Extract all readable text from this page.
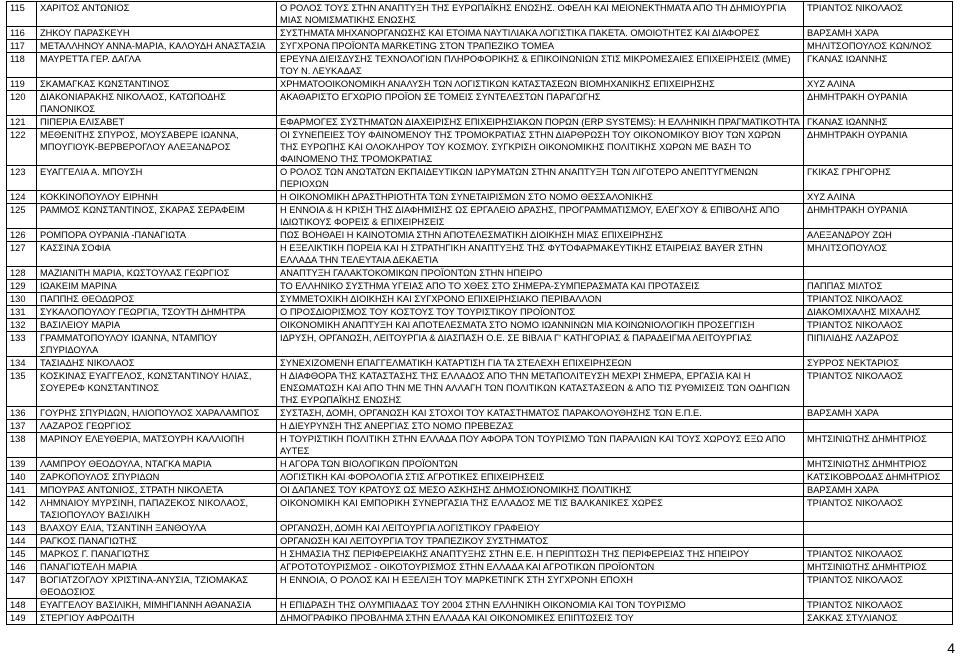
115	ΧΑΡΙΤΟΣ ΑΝΤΩΝΙΟΣ	Ο ΡΟΛΟΣ ΤΟΥΣ ΣΤΗΝ ΑΝΑΠΤΥΞΗ ΤΗΣ ΕΥΡΩΠΑΪΚΗΣ ΕΝΩΣΗΣ. ΟΦΕΛΗ ΚΑΙ ΜΕΙΟΝΕΚΤΗΜΑΤΑ ΑΠΟ ΤΗ ΔΗΜΙΟΥΡΓΙΑ ΜΙΑΣ ΝΟΜΙΣΜΑΤΙΚΗΣ ΕΝΩΣΗΣ	ΤΡΙΑΝΤΟΣ ΝΙΚΟΛΑΟΣ
116	ΖΗΚΟΥ ΠΑΡΑΣΚΕΥΗ	ΣΥΣΤΗΜΑΤΑ ΜΗΧΑΝΟΡΓΑΝΩΣΗΣ ΚΑΙ ΕΤΟΙΜΑ ΝΑΥΤΙΛΙΑΚΑ ΛΟΓΙΣΤΙΚΑ ΠΑΚΕΤΑ. ΟΜΟΙΟΤΗΤΕΣ ΚΑΙ ΔΙΑΦΟΡΕΣ	ΒΑΡΣΑΜΗ ΧΑΡΑ
117	ΜΕΤΑΛΛΗΝΟΥ ΑΝΝΑ-ΜΑΡΙΑ, ΚΑΛΟΥΔΗ ΑΝΑΣΤΑΣΙΑ	ΣΥΓΧΡΟΝΑ ΠΡΟΪΟΝΤΑ MARKETING ΣΤΟΝ ΤΡΑΠΕΖΙΚΟ ΤΟΜΕΑ	ΜΗΛΙΤΣΟΠΟΥΛΟΣ ΚΩΝ/ΝΟΣ
118	ΜΑΥΡΕΤΤΑ ΓΕΡ. ΔΑΓΛΑ	ΕΡΕΥΝΑ ΔΙΕΙΣΔΥΣΗΣ ΤΕΧΝΟΛΟΓΙΩΝ ΠΛΗΡΟΦΟΡΙΚΗΣ & ΕΠΙΚΟΙΝΩΝΙΩΝ ΣΤΙΣ ΜΙΚΡΟΜΕΣΑΙΕΣ ΕΠΙΧΕΙΡΗΣΕΙΣ (ΜΜΕ) ΤΟΥ Ν. ΛΕΥΚΑΔΑΣ	ΓΚΑΝΑΣ ΙΩΑΝΝΗΣ
119	ΣΚΑΜΑΓΚΑΣ ΚΩΝΣΤΑΝΤΙΝΟΣ	ΧΡΗΜΑΤΟΟΙΚΟΝΟΜΙΚΗ ΑΝΑΛΥΣΗ ΤΩΝ ΛΟΓΙΣΤΙΚΩΝ ΚΑΤΑΣΤΑΣΕΩΝ ΒΙΟΜΗΧΑΝΙΚΗΣ ΕΠΙΧΕΙΡΗΣΗΣ	ΧΥΖ ΑΛΙΝΑ
120	ΔΙΑΚΟΝΙΑΡΑΚΗΣ ΝΙΚΟΛΑΟΣ, ΚΑΤΩΠΟΔΗΣ ΠΑΝΟΝΙΚΟΣ	ΑΚΑΘΑΡΙΣΤΟ ΕΓΧΩΡΙΟ ΠΡΟΪΟΝ ΣΕ ΤΟΜΕΙΣ ΣΥΝΤΕΛΕΣΤΩΝ ΠΑΡΑΓΩΓΗΣ	ΔΗΜΗΤΡΑΚΗ ΟΥΡΑΝΙΑ
121	ΠΙΠΕΡΙΑ ΕΛΙΣΑΒΕΤ	ΕΦΑΡΜΟΓΕΣ ΣΥΣΤΗΜΑΤΩΝ ΔΙΑΧΕΙΡΙΣΗΣ ΕΠΙΧΕΙΡΗΣΙΑΚΩΝ ΠΟΡΩΝ (ERP SYSTEMS): Η ΕΛΛΗΝΙΚΗ ΠΡΑΓΜΑΤΙΚΟΤΗΤΑ	ΓΚΑΝΑΣ ΙΩΑΝΝΗΣ
122	ΜΕΘΕΝΙΤΗΣ ΣΠΥΡΟΣ, ΜΟΥΣΑΒΕΡΕ ΙΩΑΝΝΑ, ΜΠΟΥΓΙΟΥΚ-ΒΕΡΒΕΡΟΓΛΟΥ ΑΛΕΞΑΝΔΡΟΣ	ΟΙ ΣΥΝΕΠΕΙΕΣ ΤΟΥ ΦΑΙΝΟΜΕΝΟΥ ΤΗΣ ΤΡΟΜΟΚΡΑΤΙΑΣ ΣΤΗΝ ΔΙΑΡΘΡΩΣΗ ΤΟΥ ΟΙΚΟΝΟΜΙΚΟΥ ΒΙΟΥ ΤΩΝ ΧΩΡΩΝ ΤΗΣ ΕΥΡΩΠΗΣ ΚΑΙ ΟΛΟΚΛΗΡΟΥ ΤΟΥ ΚΟΣΜΟΥ. ΣΥΓΚΡΙΣΗ ΟΙΚΟΝΟΜΙΚΗΣ ΠΟΛΙΤΙΚΗΣ ΧΩΡΩΝ ΜΕ ΒΑΣΗ ΤΟ ΦΑΙΝΟΜΕΝΟ ΤΗΣ ΤΡΟΜΟΚΡΑΤΙΑΣ	ΔΗΜΗΤΡΑΚΗ ΟΥΡΑΝΙΑ
123	ΕΥΑΓΓΕΛΙΑ Α. ΜΠΟΥΣΗ	Ο ΡΟΛΟΣ ΤΩΝ ΑΝΩΤΑΤΩΝ ΕΚΠΑΙΔΕΥΤΙΚΩΝ ΙΔΡΥΜΑΤΩΝ ΣΤΗΝ ΑΝΑΠΤΥΞΗ ΤΩΝ ΛΙΓΟΤΕΡΟ ΑΝΕΠΤΥΓΜΕΝΩΝ ΠΕΡΙΟΧΩΝ	ΓΚΙΚΑΣ ΓΡΗΓΟΡΗΣ
124	ΚΟΚΚΙΝΟΠΟΥΛΟΥ ΕΙΡΗΝΗ	Η ΟΙΚΟΝΟΜΙΚΗ ΔΡΑΣΤΗΡΙΟΤΗΤΑ ΤΩΝ ΣΥΝΕΤΑΙΡΙΣΜΩΝ ΣΤΟ ΝΟΜΟ ΘΕΣΣΑΛΟΝΙΚΗΣ	ΧΥΖ ΑΛΙΝΑ
125	ΡΑΜΜΟΣ ΚΩΝΣΤΑΝΤΙΝΟΣ, ΣΚΑΡΑΣ ΣΕΡΑΦΕΙΜ	Η ΕΝΝΟΙΑ & Η ΚΡΙΣΗ ΤΗΣ ΔΙΑΦΗΜΙΣΗΣ ΩΣ ΕΡΓΑΛΕΙΟ ΔΡΑΣΗΣ, ΠΡΟΓΡΑΜΜΑΤΙΣΜΟΥ, ΕΛΕΓΧΟΥ & ΕΠΙΒΟΛΗΣ ΑΠΟ ΙΔΙΩΤΙΚΟΥΣ ΦΟΡΕΙΣ & ΕΠΙΧΕΙΡΗΣΕΙΣ	ΔΗΜΗΤΡΑΚΗ ΟΥΡΑΝΙΑ
126	ΡΟΜΠΟΡΑ ΟΥΡΑΝΙΑ -ΠΑΝΑΓΙΩΤΑ	ΠΩΣ ΒΟΗΘΑΕΙ Η ΚΑΙΝΟΤΟΜΙΑ ΣΤΗΝ ΑΠΟΤΕΛΕΣΜΑΤΙΚΗ ΔΙΟΙΚΗΣΗ ΜΙΑΣ ΕΠΙΧΕΙΡΗΣΗΣ	ΑΛΕΞΑΝΔΡΟΥ ΖΩΗ
127	ΚΑΣΣΙΝΑ ΣΟΦΙΑ	Η ΕΞΕΛΙΚΤΙΚΗ ΠΟΡΕΙΑ ΚΑΙ Η ΣΤΡΑΤΗΓΙΚΗ ΑΝΑΠΤΥΞΗΣ ΤΗΣ ΦΥΤΟΦΑΡΜΑΚΕΥΤΙΚΗΣ ΕΤΑΙΡΕΙΑΣ BAYER ΣΤΗΝ ΕΛΛΑΔΑ ΤΗΝ ΤΕΛΕΥΤΑΙΑ ΔΕΚΑΕΤΙΑ	ΜΗΛΙΤΣΟΠΟΥΛΟΣ
128	ΜΑΖΙΑΝΙΤΗ ΜΑΡΙΑ, ΚΩΣΤΟΥΛΑΣ ΓΕΩΡΓΙΟΣ	ΑΝΑΠΤΥΞΗ ΓΑΛΑΚΤΟΚΟΜΙΚΩΝ ΠΡΟΪΟΝΤΩΝ ΣΤΗΝ ΗΠΕΙΡΟ	
129	ΙΩΑΚΕΙΜ ΜΑΡΙΝΑ	ΤΟ ΕΛΛΗΝΙΚΟ ΣΥΣΤΗΜΑ ΥΓΕΙΑΣ ΑΠΟ ΤΟ ΧΘΕΣ ΣΤΟ ΣΗΜΕΡΑ-ΣΥΜΠΕΡΑΣΜΑΤΑ ΚΑΙ ΠΡΟΤΑΣΕΙΣ	ΠΑΠΠΑΣ ΜΙΛΤΟΣ
130	ΠΑΠΠΗΣ ΘΕΟΔΩΡΟΣ	ΣΥΜΜΕΤΟΧΙΚΗ ΔΙΟΙΚΗΣΗ ΚΑΙ ΣΥΓΧΡΟΝΟ ΕΠΙΧΕΙΡΗΣΙΑΚΟ ΠΕΡΙΒΑΛΛΟΝ	ΤΡΙΑΝΤΟΣ ΝΙΚΟΛΑΟΣ
131	ΣΥΚΑΛΟΠΟΥΛΟΥ ΓΕΩΡΓΙΑ, ΤΣΟΥΤΗ ΔΗΜΗΤΡΑ	Ο ΠΡΟΣΔΙΟΡΙΣΜΟΣ ΤΟΥ ΚΟΣΤΟΥΣ ΤΟΥ ΤΟΥΡΙΣΤΙΚΟΥ ΠΡΟΪΟΝΤΟΣ	ΔΙΑΚΟΜΙΧΑΛΗΣ ΜΙΧΑΛΗΣ
132	ΒΑΣΙΛΕΙΟΥ ΜΑΡΙΑ	ΟΙΚΟΝΟΜΙΚΗ ΑΝΑΠΤΥΞΗ ΚΑΙ ΑΠΟΤΕΛΕΣΜΑΤΑ ΣΤΟ ΝΟΜΟ ΙΩΑΝΝΙΝΩΝ ΜΙΑ ΚΟΙΝΩΝΙΟΛΟΓΙΚΗ ΠΡΟΣΕΓΓΙΣΗ	ΤΡΙΑΝΤΟΣ ΝΙΚΟΛΑΟΣ
133	ΓΡΑΜΜΑΤΟΠΟΥΛΟΥ ΙΩΑΝΝΑ, ΝΤΑΜΠΟΥ ΣΠΥΡΙΔΟΥΛΑ	ΙΔΡΥΣΗ, ΟΡΓΑΝΩΣΗ, ΛΕΙΤΟΥΡΓΙΑ & ΔΙΑΣΠΑΣΗ Ο.Ε. ΣΕ ΒΙΒΛΙΑ Γ' ΚΑΤΗΓΟΡΙΑΣ & ΠΑΡΑΔΕΙΓΜΑ ΛΕΙΤΟΥΡΓΙΑΣ	ΠΙΠΙΛΙΔΗΣ ΛΑΖΑΡΟΣ
134	ΤΑΣΙΑΔΗΣ ΝΙΚΟΛΑΟΣ	ΣΥΝΕΧΙΖΟΜΕΝΗ ΕΠΑΓΓΕΛΜΑΤΙΚΗ ΚΑΤΑΡΤΙΣΗ ΓΙΑ ΤΑ ΣΤΕΛΕΧΗ ΕΠΙΧΕΙΡΗΣΕΩΝ	ΣΥΡΡΟΣ ΝΕΚΤΑΡΙΟΣ
135	ΚΟΣΚΙΝΑΣ ΕΥΑΓΓΕΛΟΣ, ΚΩΝΣΤΑΝΤΙΝΟΥ ΗΛΙΑΣ, ΣΟΥΕΡΕΦ ΚΩΝΣΤΑΝΤΙΝΟΣ	Η ΔΙΑΦΘΟΡΑ ΤΗΣ ΚΑΤΑΣΤΑΣΗΣ ΤΗΣ ΕΛΛΑΔΟΣ ΑΠΟ ΤΗΝ ΜΕΤΑΠΟΛΙΤΕΥΣΗ ΜΕΧΡΙ ΣΗΜΕΡΑ, ΕΡΓΑΣΙΑ ΚΑΙ Η ΕΝΣΩΜΑΤΩΣΗ ΚΑΙ ΑΠΟ ΤΗΝ ΜΕ ΤΗΝ ΑΛΛΑΓΗ ΤΩΝ ΠΟΛΙΤΙΚΩΝ ΚΑΤΑΣΤΑΣΕΩΝ & ΑΠΟ ΤΙΣ ΡΥΘΜΙΣΕΙΣ ΤΩΝ ΟΔΗΓΙΩΝ ΤΗΣ ΕΥΡΩΠΑΪΚΗΣ ΕΝΩΣΗΣ	ΤΡΙΑΝΤΟΣ ΝΙΚΟΛΑΟΣ
136	ΓΟΥΡΗΣ ΣΠΥΡΙΔΩΝ, ΗΛΙΟΠΟΥΛΟΣ ΧΑΡΑΛΑΜΠΟΣ	ΣΥΣΤΑΣΗ, ΔΟΜΗ, ΟΡΓΑΝΩΣΗ ΚΑΙ ΣΤΟΧΟΙ ΤΟΥ ΚΑΤΑΣΤΗΜΑΤΟΣ ΠΑΡΑΚΟΛΟΥΘΗΣΗΣ ΤΩΝ Ε.Π.Ε.	ΒΑΡΣΑΜΗ ΧΑΡΑ
137	ΛΑΖΑΡΟΣ ΓΕΩΡΓΙΟΣ	Η ΔΙΕΥΡΥΝΣΗ ΤΗΣ ΑΝΕΡΓΙΑΣ ΣΤΟ ΝΟΜΟ ΠΡΕΒΕΖΑΣ	
138	ΜΑΡΙΝΟΥ ΕΛΕΥΘΕΡΙΑ, ΜΑΤΣΟΥΡΗ ΚΑΛΛΙΟΠΗ	Η ΤΟΥΡΙΣΤΙΚΗ ΠΟΛΙΤΙΚΗ ΣΤΗΝ ΕΛΛΑΔΑ ΠΟΥ ΑΦΟΡΑ ΤΟΝ ΤΟΥΡΙΣΜΟ ΤΩΝ ΠΑΡΑΛΙΩΝ ΚΑΙ ΤΟΥΣ ΧΩΡΟΥΣ ΕΞΩ ΑΠΟ ΑΥΤΕΣ	ΜΗΤΣΙΝΙΩΤΗΣ ΔΗΜΗΤΡΙΟΣ
139	ΛΑΜΠΡΟΥ ΘΕΟΔΟΥΛΑ, ΝΤΑΓΚΑ ΜΑΡΙΑ	Η ΑΓΟΡΑ ΤΩΝ ΒΙΟΛΟΓΙΚΩΝ ΠΡΟΪΟΝΤΩΝ	ΜΗΤΣΙΝΙΩΤΗΣ ΔΗΜΗΤΡΙΟΣ
140	ΖΑΡΚΟΠΟΥΛΟΣ ΣΠΥΡΙΔΩΝ	ΛΟΓΙΣΤΙΚΗ ΚΑΙ ΦΟΡΟΛΟΓΙΑ ΣΤΙΣ ΑΓΡΟΤΙΚΕΣ ΕΠΙΧΕΙΡΗΣΕΙΣ	ΚΑΤΣΙΚΟΒΡΟΔΑΣ ΔΗΜΗΤΡΙΟΣ
141	ΜΠΟΥΡΑΣ ΑΝΤΩΝΙΟΣ, ΣΤΡΑΤΗ ΝΙΚΟΛΕΤΑ	ΟΙ ΔΑΠΑΝΕΣ ΤΟΥ ΚΡΑΤΟΥΣ ΩΣ ΜΕΣΟ ΑΣΚΗΣΗΣ ΔΗΜΟΣΙΟΝΟΜΙΚΗΣ ΠΟΛΙΤΙΚΗΣ	ΒΑΡΣΑΜΗ ΧΑΡΑ
142	ΛΗΜΝΑΙΟΥ ΜΥΡΣΙΝΗ, ΠΑΠΑΖΕΚΟΣ ΝΙΚΟΛΑΟΣ, ΤΑΣΙΟΠΟΥΛΟΥ ΒΑΣΙΛΙΚΗ	ΟΙΚΟΝΟΜΙΚΗ ΚΑΙ ΕΜΠΟΡΙΚΗ ΣΥΝΕΡΓΑΣΙΑ ΤΗΣ ΕΛΛΑΔΟΣ ΜΕ ΤΙΣ ΒΑΛΚΑΝΙΚΕΣ ΧΩΡΕΣ	ΤΡΙΑΝΤΟΣ ΝΙΚΟΛΑΟΣ
143	ΒΛΑΧΟΥ ΕΛΙΑ, ΤΣΑΝΤΙΝΗ ΞΑΝΘΟΥΛΑ	ΟΡΓΑΝΩΣΗ, ΔΟΜΗ ΚΑΙ ΛΕΙΤΟΥΡΓΙΑ ΛΟΓΙΣΤΙΚΟΥ ΓΡΑΦΕΙΟΥ	
144	ΡΑΓΚΟΣ ΠΑΝΑΓΙΩΤΗΣ	ΟΡΓΑΝΩΣΗ ΚΑΙ ΛΕΙΤΟΥΡΓΙΑ ΤΟΥ ΤΡΑΠΕΖΙΚΟΥ ΣΥΣΤΗΜΑΤΟΣ	
145	ΜΑΡΚΟΣ Γ. ΠΑΝΑΓΙΩΤΗΣ	Η ΣΗΜΑΣΙΑ ΤΗΣ ΠΕΡΙΦΕΡΕΙΑΚΗΣ ΑΝΑΠΤΥΞΗΣ ΣΤΗΝ Ε.Ε. Η ΠΕΡΙΠΤΩΣΗ ΤΗΣ ΠΕΡΙΦΕΡΕΙΑΣ ΤΗΣ ΗΠΕΙΡΟΥ	ΤΡΙΑΝΤΟΣ ΝΙΚΟΛΑΟΣ
146	ΠΑΝΑΓΙΩΤΕΛΗ ΜΑΡΙΑ	ΑΓΡΟΤΟΤΟΥΡΙΣΜΟΣ - ΟΙΚΟΤΟΥΡΙΣΜΟΣ ΣΤΗΝ ΕΛΛΑΔΑ ΚΑΙ ΑΓΡΟΤΙΚΩΝ ΠΡΟΪΟΝΤΩΝ	ΜΗΤΣΙΝΙΩΤΗΣ ΔΗΜΗΤΡΙΟΣ
147	ΒΟΓΙΑΤΖΟΓΛΟΥ ΧΡΙΣΤΙΝΑ-ΑΝΥΣΙΑ, ΤΖΙΟΜΑΚΑΣ ΘΕΟΔΟΣΙΟΣ	Η ΕΝΝΟΙΑ, Ο ΡΟΛΟΣ ΚΑΙ Η ΕΞΕΛΙΞΗ ΤΟΥ ΜΑΡΚΕΤΙΝΓΚ ΣΤΗ ΣΥΓΧΡΟΝΗ ΕΠΟΧΗ	ΤΡΙΑΝΤΟΣ ΝΙΚΟΛΑΟΣ
148	ΕΥΑΓΓΕΛΟΥ ΒΑΣΙΛΙΚΗ, ΜΙΜΗΓΙΑΝΝΗ ΑΘΑΝΑΣΙΑ	Η ΕΠΙΔΡΑΣΗ ΤΗΣ ΟΛΥΜΠΙΑΔΑΣ ΤΟΥ 2004 ΣΤΗΝ ΕΛΛΗΝΙΚΗ ΟΙΚΟΝΟΜΙΑ ΚΑΙ ΤΟΝ ΤΟΥΡΙΣΜΟ	ΤΡΙΑΝΤΟΣ ΝΙΚΟΛΑΟΣ
149	ΣΤΕΡΓΙΟΥ ΑΦΡΟΔΙΤΗ	ΔΗΜΟΓΡΑΦΙΚΟ ΠΡΟΒΛΗΜΑ ΣΤΗΝ ΕΛΛΑΔΑ ΚΑΙ ΟΙΚΟΝΟΜΙΚΕΣ ΕΠΙΠΤΩΣΕΙΣ ΤΟΥ	ΣΑΚΚΑΣ ΣΤΥΛΙΑΝΟΣ
4
